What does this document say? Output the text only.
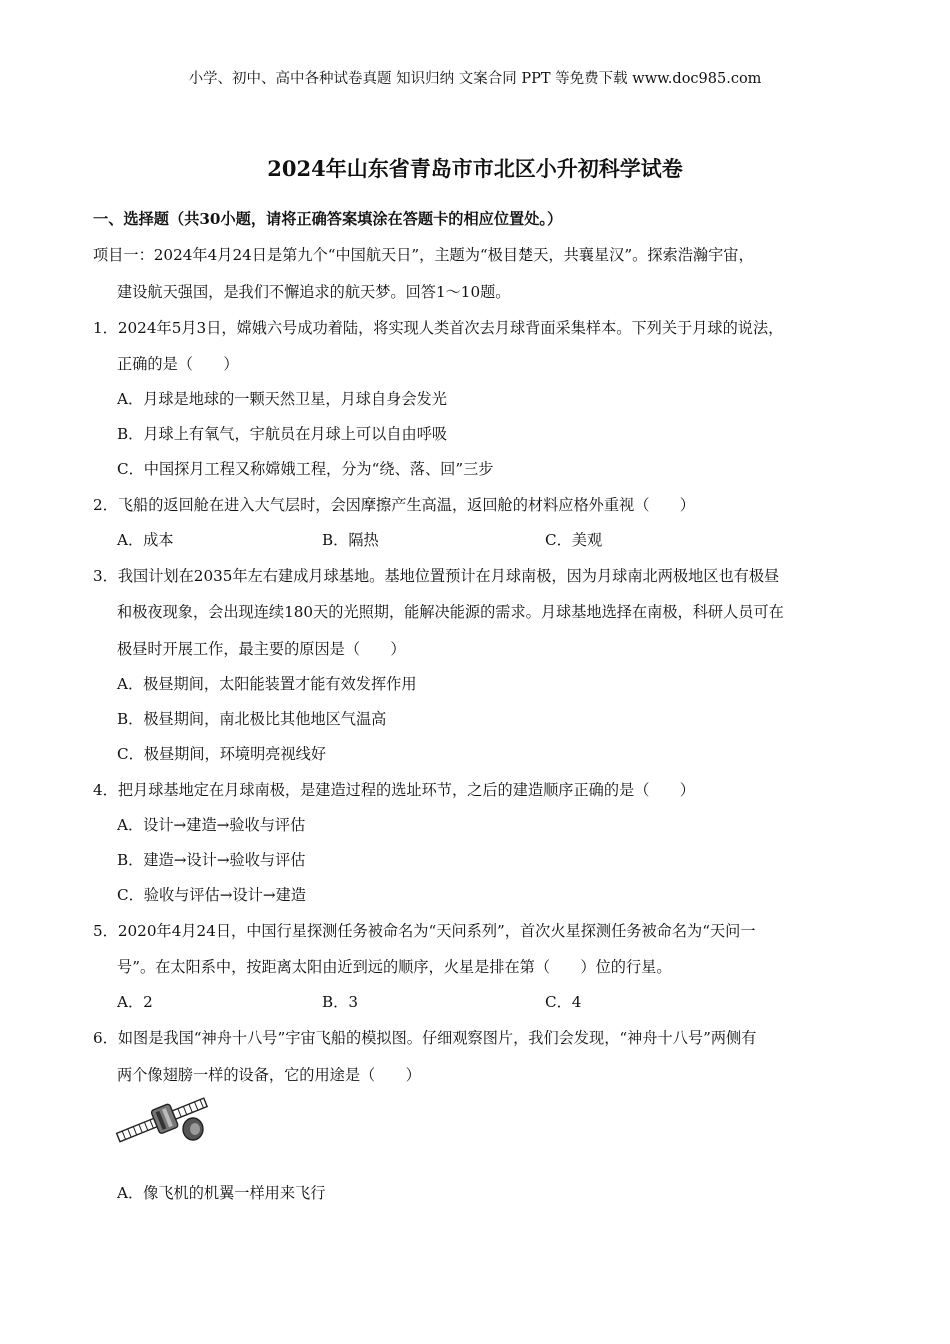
小学、初中、高中各种试卷真题 知识归纳 文案合同 PPT 等免费下载 www.doc985.com
2024年山东省青岛市市北区小升初科学试卷
一、选择题（共30小题，请将正确答案填涂在答题卡的相应位置处。）
项目一：2024年4月24日是第九个“中国航天日”，主题为“极目楚天，共襄星汉”。探索浩瀚宇宙，
建设航天强国，是我们不懈追求的航天梦。回答1～10题。
1．2024年5月3日，嫦娥六号成功着陆，将实现人类首次去月球背面采集样本。下列关于月球的说法，
正确的是（　　）
A．月球是地球的一颗天然卫星，月球自身会发光
B．月球上有氧气，宇航员在月球上可以自由呼吸
C．中国探月工程又称嫦娥工程，分为“绕、落、回”三步
2．飞船的返回舱在进入大气层时，会因摩擦产生高温，返回舱的材料应格外重视（　　）
A．成本	B．隔热	C．美观
3．我国计划在2035年左右建成月球基地。基地位置预计在月球南极，因为月球南北两极地区也有极昼
和极夜现象，会出现连续180天的光照期，能解决能源的需求。月球基地选择在南极，科研人员可在
极昼时开展工作，最主要的原因是（　　）
A．极昼期间，太阳能装置才能有效发挥作用
B．极昼期间，南北极比其他地区气温高
C．极昼期间，环境明亮视线好
4．把月球基地定在月球南极，是建造过程的选址环节，之后的建造顺序正确的是（　　）
A．设计→建造→验收与评估
B．建造→设计→验收与评估
C．验收与评估→设计→建造
5．2020年4月24日，中国行星探测任务被命名为“天问系列”，首次火星探测任务被命名为“天问一
号”。在太阳系中，按距离太阳由近到远的顺序，火星是排在第（　　）位的行星。
A．2	B．3	C．4
6．如图是我国“神舟十八号”宇宙飞船的模拟图。仔细观察图片，我们会发现，“神舟十八号”两侧有
两个像翅膀一样的设备，它的用途是（　　）
A．像飞机的机翼一样用来飞行
